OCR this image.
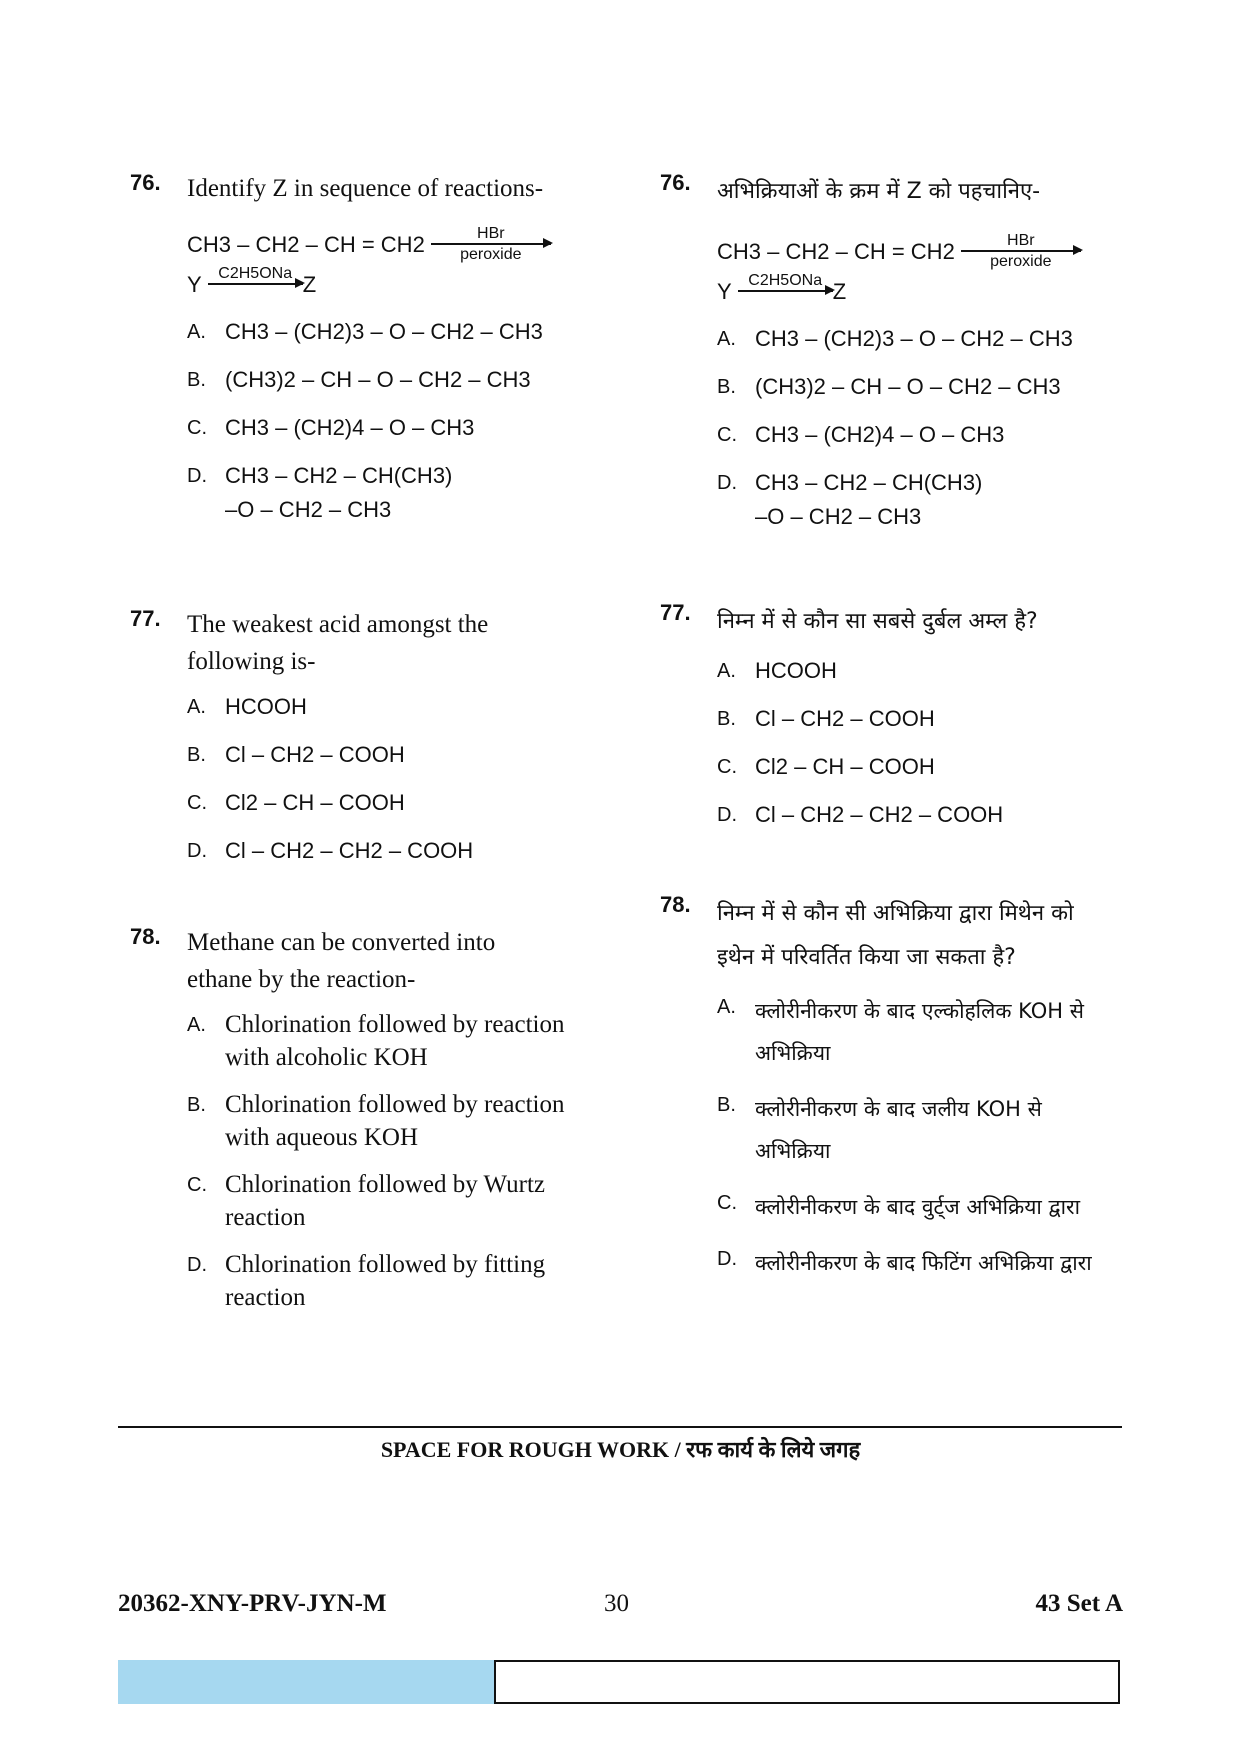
76. Identify Z in sequence of reactions-
CH3 – CH2 – CH = CH2	HBr
peroxide
Y C2H5ONa
Z
A. CH3 – (CH2)3 – O – CH2 – CH3
B. (CH3)2 – CH – O – CH2 – CH3
C. CH3 – (CH2)4 – O – CH3
D. CH3 – CH2 – CH(CH3)
–O – CH2 – CH3
77. The weakest acid amongst the following is-
A. HCOOH
B. Cl – CH2 – COOH
C. Cl2 – CH – COOH
D. Cl – CH2 – CH2 – COOH
78. Methane can be converted into ethane by the reaction-
A. Chlorination followed by reaction with alcoholic KOH
B. Chlorination followed by reaction with aqueous KOH
C. Chlorination followed by Wurtz reaction
D. Chlorination followed by fitting reaction
76. अभिक्रियाओं के क्रम में Z को पहचानिए-
CH3 – CH2 – CH = CH2	HBr
peroxide
Y C2H5ONa
Z
A. CH3 – (CH2)3 – O – CH2 – CH3
B. (CH3)2 – CH – O – CH2 – CH3
C. CH3 – (CH2)4 – O – CH3
D. CH3 – CH2 – CH(CH3)
–O – CH2 – CH3
77. निम्न में से कौन सा सबसे दुर्बल अम्ल है?
A. HCOOH
B. Cl – CH2 – COOH
C. Cl2 – CH – COOH
D. Cl – CH2 – CH2 – COOH
78. निम्न में से कौन सी अभिक्रिया द्वारा मिथेन को इथेन में परिवर्तित किया जा सकता है?
A. क्लोरीनीकरण के बाद एल्कोहलिक KOH से अभिक्रिया
B. क्लोरीनीकरण के बाद जलीय KOH से अभिक्रिया
C. क्लोरीनीकरण के बाद वुर्ट्ज अभिक्रिया द्वारा
D. क्लोरीनीकरण के बाद फिटिंग अभिक्रिया द्वारा
SPACE FOR ROUGH WORK / रफ कार्य के लिये जगह
20362-XNY-PRV-JYN-M	30	43 Set A
